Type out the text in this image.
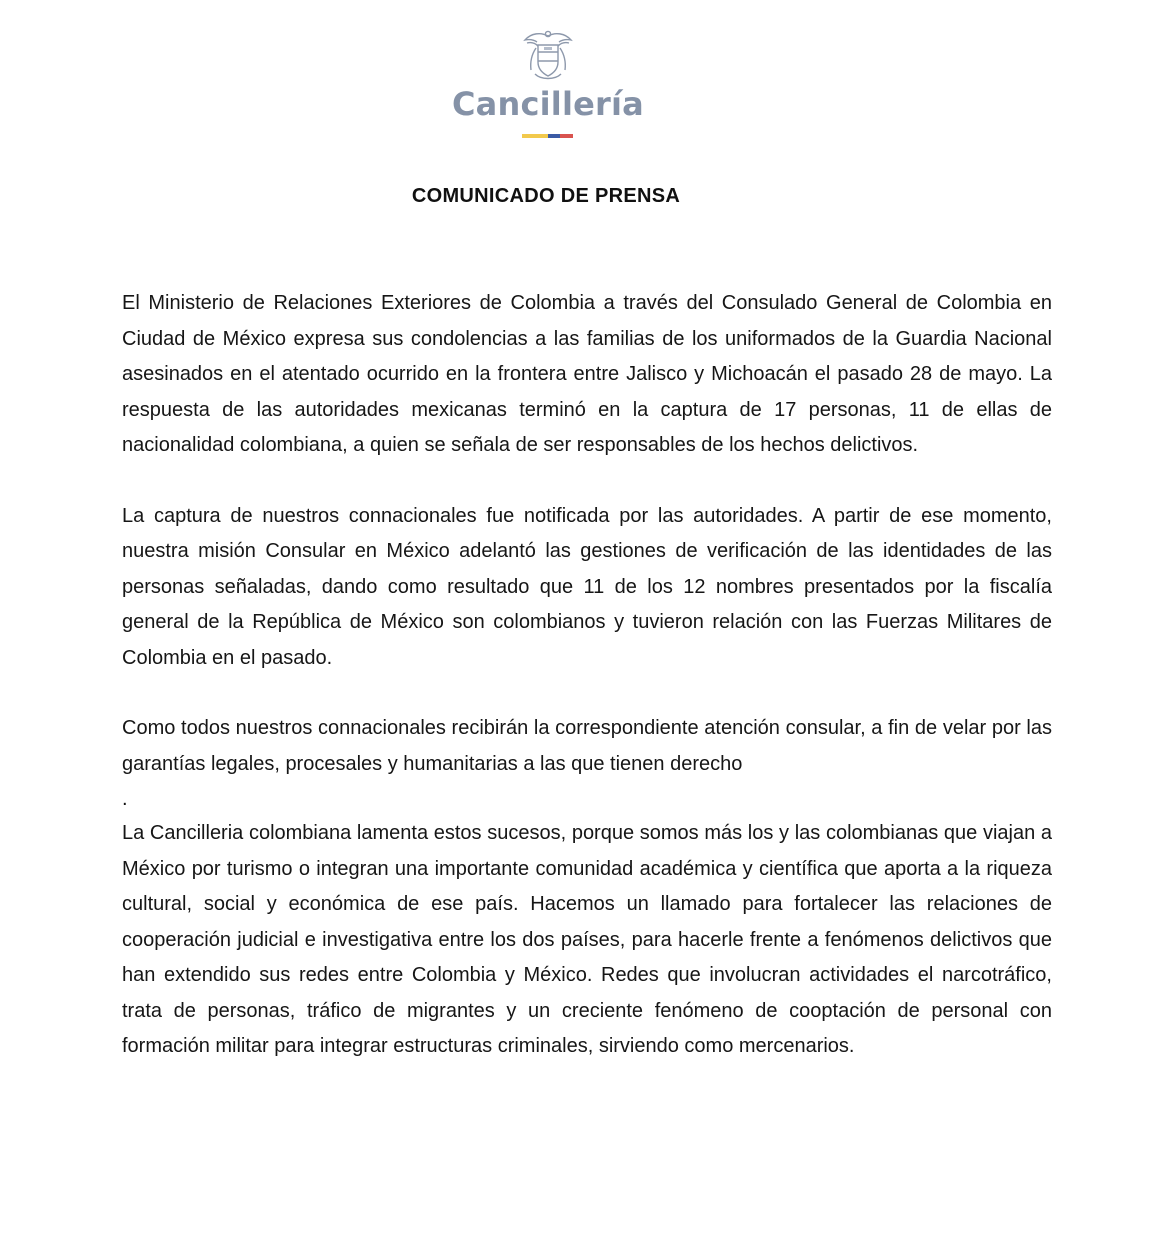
Cancillería
COMUNICADO DE PRENSA

El Ministerio de Relaciones Exteriores de Colombia a través del Consulado General de Colombia en Ciudad de México expresa sus condolencias a las familias de los uniformados de la Guardia Nacional asesinados en el atentado ocurrido en la frontera entre Jalisco y Michoacán el pasado 28 de mayo. La respuesta de las autoridades mexicanas terminó en la captura de 17 personas, 11 de ellas de nacionalidad colombiana, a quien se señala de ser responsables de los hechos delictivos.

La captura de nuestros connacionales fue notificada por las autoridades. A partir de ese momento, nuestra misión Consular en México adelantó las gestiones de verificación de las identidades de las personas señaladas, dando como resultado que 11 de los 12 nombres presentados por la fiscalía general de la República de México son colombianos y tuvieron relación con las Fuerzas Militares de Colombia en el pasado.

Como todos nuestros connacionales recibirán la correspondiente atención consular, a fin de velar por las garantías legales, procesales y humanitarias a las que tienen derecho

.

La Cancilleria colombiana lamenta estos sucesos, porque somos más los y las colombianas que viajan a México por turismo o integran una importante comunidad académica y científica que aporta a la riqueza cultural, social y económica de ese país. Hacemos un llamado para fortalecer las relaciones de cooperación judicial e investigativa entre los dos países, para hacerle frente a fenómenos delictivos que han extendido sus redes entre Colombia y México. Redes que involucran actividades el narcotráfico, trata de personas, tráfico de migrantes y un creciente fenómeno de cooptación de personal con formación militar para integrar estructuras criminales, sirviendo como mercenarios.
